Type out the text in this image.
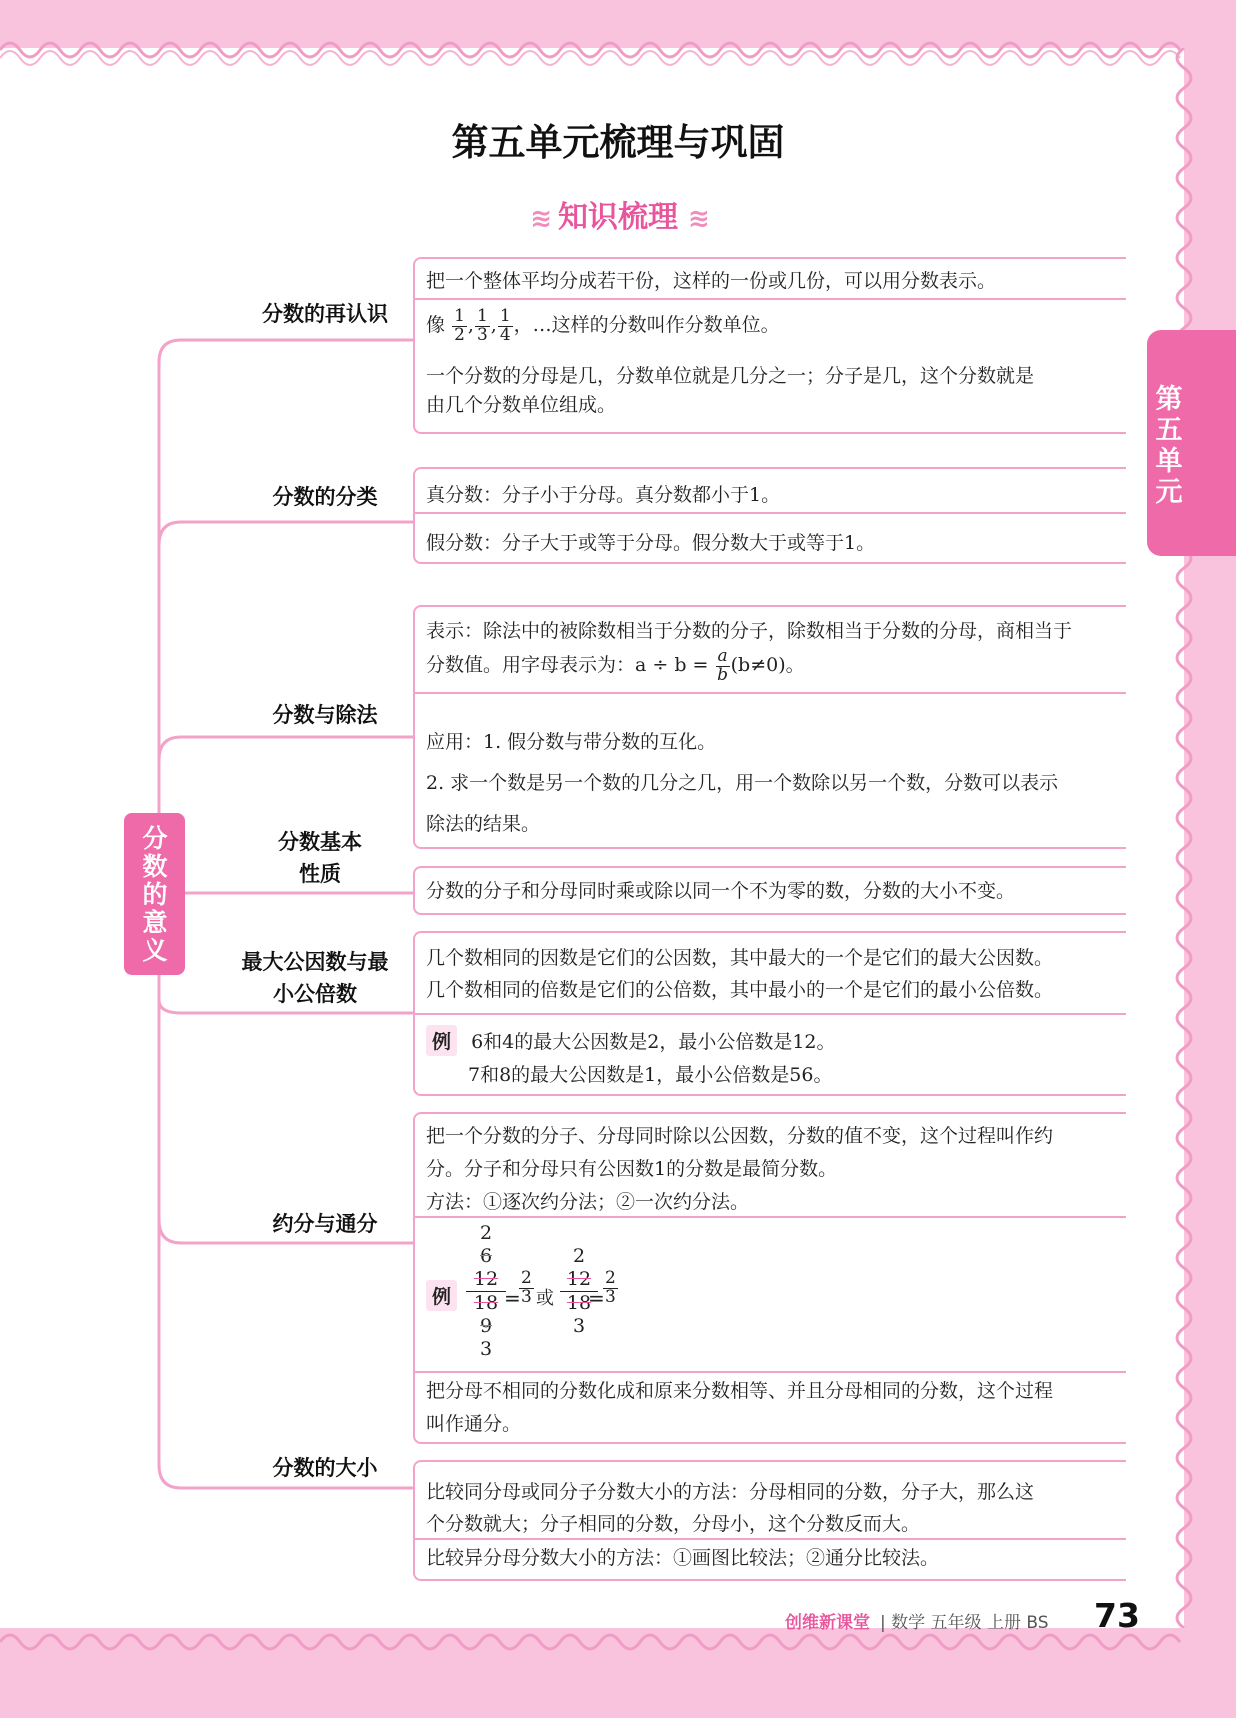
第五单元梳理与巩固
≋ 知识梳理 ≋
第五单元
分数的意义
分数的再认识
分数的分类
分数与除法
分数基本性质
最大公因数与最小公倍数
约分与通分
分数的大小
把一个整体平均分成若干份，这样的一份或几份，可以用分数表示。
像 $\frac{1}{2}$ , $\frac{1}{3}$ , $\frac{1}{4}$ ，…这样的分数叫作分数单位。
一个分数的分母是几，分数单位就是几分之一；分子是几，这个分数就是
由几个分数单位组成。
真分数：分子小于分母。真分数都小于1。
假分数：分子大于或等于分母。假分数大于或等于1。
表示：除法中的被除数相当于分数的分子，除数相当于分数的分母，商相当于
分数值。用字母表示为：$a \div b = \frac{a}{b} (b\ne 0)$。
应用：1. 假分数与带分数的互化。
2. 求一个数是另一个数的几分之几，用一个数除以另一个数，分数可以表示
除法的结果。
分数的分子和分母同时乘或除以同一个不为零的数，分数的大小不变。
几个数相同的因数是它们的公因数，其中最大的一个是它们的最大公因数。
几个数相同的倍数是它们的公倍数，其中最小的一个是它们的最小公倍数。
例 6和4的最大公因数是2，最小公倍数是12。
7和8的最大公因数是1，最小公倍数是56。
把一个分数的分子、分母同时除以公因数，分数的值不变，这个过程叫作约
分。分子和分母只有公因数1的分数是最简分数。
方法：①逐次约分法；②一次约分法。
例
2
6
12
18
9
3
=
$\frac{2}{3}$ 或
2
12
18
3
=
$\frac{2}{3}$
把分母不相同的分数化成和原来分数相等、并且分母相同的分数，这个过程
叫作通分。
比较同分母或同分子分数大小的方法：分母相同的分数，分子大，那么这
个分数就大；分子相同的分数，分母小，这个分数反而大。
比较异分母分数大小的方法：①画图比较法；②通分比较法。
创维新课堂 | 数学 五年级 上册 BS 73
